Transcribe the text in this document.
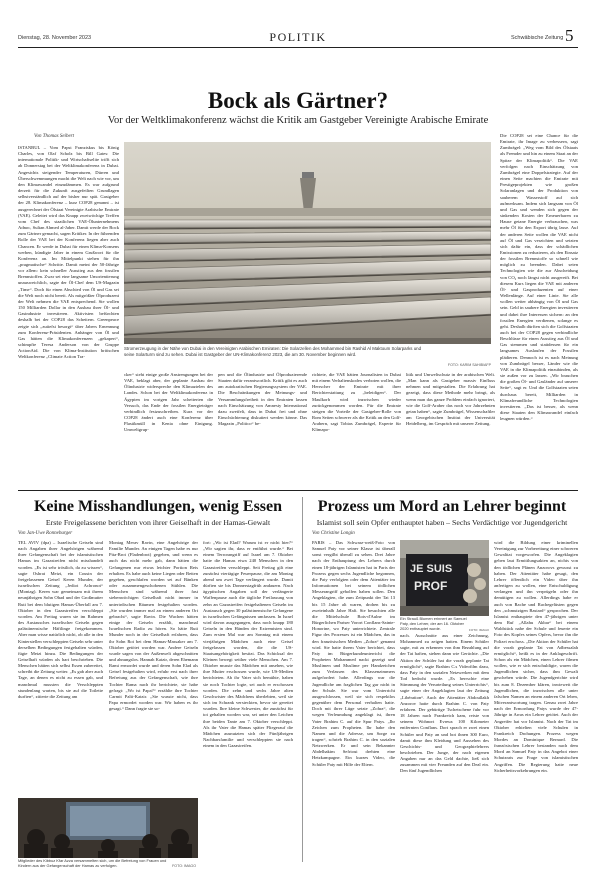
Dienstag, 28. November 2023	POLITIK	Schwäbische Zeitung 5
Bock als Gärtner?
Vor der Weltklimakonferenz wächst die Kritik am Gastgeber Vereinigte Arabische Emirate
Von Thomas Seibert

ISTANBUL – Vom Papst Franziskus bis König Charles, von Olaf Scholz bis Bill Gates: Die internationale Politik- und Wirtschaftselite trifft sich ab Donnerstag bei der Weltklimakonferenz in Dubai. Angesichts steigender Temperaturen, Dürren und Überschwemmungen macht die Welt nach wie vor, um den Klimawandel einzudämmen. Es war aufgrund derzeit für die Zukunft ausgefeilten Grundlagen selbstverständlich auf der bisher nur spät. Gastgeber der 28. Klimakonferenz – kurz COP28 genannt – ist ausgerechnet der Ölstaat Vereinigte Arabische Emirate (VAE). Geleitet wird das Knapp zweiwöchige Treffen vom Chef des staatlichen VAE-Ölunternehmens Adnoc, Sultan Ahmed al-Jaber. Damit werde der Bock zum Gärtner gemacht, sagen Kritiker. In der führenden Rolle der VAE bei der Konferenz liegen aber auch Chancen. Er werde in Dubai für einen Klima-Konsens werben, kündigte Jaber in einem Grußwort für die Konferenz an. Im Mittelpunkt stehen für ihn „pragmatische“ Schritte. Damit meint der 50-Jährige vor allem: kein schneller Ausstieg aus den fossilen Brennstoffen. Zwar sei eine langsame Umorientierung unausweichlich, sagte der Öl-Chef dem US-Magazin „Time“. Doch für einen Abschied von Öl und Gas sei die Welt noch nicht bereit. Als mitgrößter Ölproduzent der Welt nehmen die VAE entsprechend. Sie wollen 150 Milliarden Dollar in den Ausbau ihrer Öl- und Gasindustrie investieren. Aktivisten befürchten deshalb bei der COP28 das Scheitern. Greenpeace zeigte sich „zutiefst besorgt“ über Jabers Ernennung zum Konferenz-Präsidenten. Anhänger von Öl und Gas hätten die Klimakonferenzen „gekapert“, schimpfte Teresa Anderson von der Gruppe ActionAid. Die von Klima-Institution britischen Weltkonferenz „Climate Action Tra-

Stromerzeugung in der Nähe von Dubai in den Vereinigten Arabischen Emiraten: Die Solarzellen des Mohammed bin Rashid Al Maktoum Solarparks und seine Solarturm sind zu sehen. Dubai ist Gastgeber der UN-Klimakonferenz 2023, die am 30. November beginnen wird.
FOTO: KARIM SAHIB/AFP

cker“ sieht einige große Anstrengungen bei der VAE, beklagt aber, der geplante Ausbau der Ölindustrie widerspreche den Klimazielen des Landes. Schon bei der Weltklimakonferenz in Ägypten im vorigen Jahr scheiterten die Versuch, das Ende der fossilen Energieträger verbindlich festzuschreiben. Kurz vor der COP28 ändert auch eine Konferenz über Plastikmüll in Kenia ohne Einigung. Umweltgrup-

pen und die Ölindustrie und Ölproduzierende Staaten dafür verantwortlich. Kritik gibt es auch am autokratischen Regierungssystem der VAE. Die Beschränkungen der Meinungs- und Versammlungsfreiheit in den Emiraten lassen nach Einschätzung von Amnesty International dazu zweifelt, dass in Dubai frei und ohne Einschüchterung diskutiert werden könne. Das Magazin „Politico“ be-

richtete, die VAE hätten Journalisten in Dubai mit einem Verhaltenskodex verboten wollen, die Herrscher der Emirate mit ihrer Berichterstattung zu „beleidigen“. Der Maulkorb wird inzwischen wieder zurückgenommen worden. Für die Emirate steigen die Vorteile der Gastgeber-Rolle von Rom Seiten schwerer als die Kritik an den Golf-Arabern, sagt Tobias Zumbrägel, Experte für Klimapo-

litik und Umweltschutz in der arabischen Welt. „Man kann als Gastgeber massiv Einfluss nehmen und mitgestalten. Die Erfahrung hat gezeigt, dass diese Methode mehr bringt, als wenn man das ganze Problem einfach ignoriert, wie die Golf-Araber das noch vor Jahrzehnten getan haben“, sagte Zumbrägel, Wissenschaftler am Georgebischen Institut der Universität Heidelberg, im Gespräch mit unserer Zeitung.

Die COP28 sei eine Chance für die Emirate, ihr Image zu verbessern, sagt Zumbrägel: „Weg vom Bild des Ölstaats als Fremder und hin zu einem Staat an der Spitze der Klimapolitik“. Die VAE verfolgen nach Einschätzung von Zumbrägel eine Doppelstrategie. Auf der einen Seite machten die Emirate mit Prestigeprojekten wie großen Solaranlagen und der Produktion von sauberem Wasserstoff auf sich aufmerksam. Indem sich langsam von Öl und Gas und wenden sich gegen der sinkenden Kosten der Erneuerbaren zu Hause getane Energie verbrauchen, was mehr Öl für den Export übrig lasse. Auf der anderen Seite wollen die VAE nicht auf Öl und Gas verzichten und setzten sich dafür ein, dass der schädlichen Emissionen zu reduzieren, als den Einsatz der fossilen Brennstoffe so schnell wie möglich zu beenden. Dabei seien Technologien wie die zur Abscheidung von CO₂ noch längst nicht ausgereift. Bei diesem Kurs liegen die VAE mit anderen Öl- und Gasproduzenten auf einer Wellenlänge. Auf einer Linie. Sie alle wollen weiter abhängig von Öl und Gas sein. Geld in saubere Energien investieren und dabei ihre Interessen sichern: an den fossilen Energien verdienen, solange es geht. Deshalb dürften sich die Golfstaaten auch bei der COP28 gegen verbindliche Beschlüsse für einen Ausstieg aus Öl und Gas stemmen und stattdessen für ein langsames Auslaufen der Fossilen plädieren. Dennoch ist es nach Meinung von Zumbrägel besser, Länder wie die VAE in die Klimapolitik einzubinden, als sie außen vor zu lassen. „Wir brauchen die großen Öl- und Gasländer auf unserer Seite“, sagt er. Und die Golfstaaten seien durchaus bereit, Milliarden in Klimafreundliche Technologien investieren. „Das ist besser, als wenn diese Staaten den Klimawandel einfach leugnen würden.“

Keine Misshandlungen, wenig Essen
Erste Freigelassene berichten von ihrer Geiselhaft in der Hamas-Gewalt
Von Jan-Uwe Ronneburger

TEL AVIV (dpa) – Israelische Geiseln sind nach Angaben ihrer Angehörigen während ihrer Gefangenschaft bei der islamistischen Hamas im Gazastreifen nicht misshandelt worden. „Es ist sehr tröstlich, da zu wissen“, sagte Oshrat Meizi, ein Cousin der freigelassenen Geisel Keren Munder, der israelischen Zeitung „Jediot Achronot“ (Montag). Keren war gemeinsam mit ihrem neunjährigen Sohn Ohad und der Großmutter Ruti bei dem blutigen Hamas-Überfall am 7. Oktober in den Gazastreifen verschleppt worden. Am Freitag waren sie im Rahmen des Austausches israelischer Geiseln gegen palästinensische Häftlinge freigekommen. Aber man wisse natürlich nicht, ob alle in den Kinterstellen verschleppten Geiseln sehr unter derselben Bedingungen festgehalten würden, fügte Meizi hinzu. Die Bedingungen der Geiselhaft würden als hart beschrieben. Die Menschen hätten sich selbst Essen zubereitet, schreibt die Zeitung weiter. „Es gab aber auch Tage, an denen es nicht zu essen gab, und manchmal mussten die Verschleppten stundenlang warten, bis sie auf die Toilette durften“, zitierte die Zeitung am

Montag Merav Ravin, eine Angehörige der Familie Munder. An einigen Tagen habe es nur Pita-Brot (Fladenbrot) gegeben, und wenn es auch das nicht mehr gab, dann hätten die Gefangenen nur etwas leichter Portion Reis erhalten. Es habe auch keine Liegen oder Betten gegeben, geschlafen worden sei auf Bänken oder zusammengeschobenen Stühlen. Die Menschen sind während ihrer fast siebenwöchigen Geiselhaft nicht immer in unterirdischen Räumen festgehalten worden. „Sie wurden immer mal an einem anderen Ort gebracht“, sagte Ravin. Die Wachen hätten einige der Geiseln erzählt, manchmal Israelischen Radio zu hören. So hätte Ruti Munder noch in der Geiselhaft erfahren, dass ihr Sohn Roi bei dem Hamas-Massaker am 7. Oktober getötet worden war. Andere Geiseln wurde sagen von der Außenwelt abgeschnitten und ahnungslos. Hannah Katzir, deren Ehemann Rami ermordet wurde und deren Sohn Elad als Geisel festgehalten wird, erfuhr erst nach ihrer Befreiung aus der Gefangenschaft, wie ihre Tochter Rama nach ihr berichtete, sie habe gefragt: „Wo ist Papa?“ erzählte ihre Tochter Carmit Palti-Katzir. „Sie wusste nicht, dass Papa ermordet worden war. Wir haben es ihr gesagt.“ Dann fragte sie so-

fort: „Wo ist Elad? Warum ist er nicht hier?“ „Wir sagten ihr, dass er entführt wurde.“ Bei einem Terrorangriff auf Israel am 7. Oktober hatte die Hamas etwa 240 Menschen in den Gazastreifen verschleppt. Seit Freitag gilt eine zunächst viertägige Feuerpause, die am Montag abend um zwei Tage verlängert wurde. Damit dürften sie bis Donnerstagfrüh andauern. Nach ägyptischen Angaben soll der verlängerte Waffenpause auch die tägliche Freilassung von zehn an Gazastreifen festgehaltenen Geiseln im Austausch gegen 30 palästinensische Gefangene in israelischen Gefängnissen umfassen. In Israel wird davon ausgegangen, dass noch knapp 180 Geiseln in den Händen der Extremisten sind. Zum ersten Mal war am Sonntag mit einem vierjährigen Mädchen auch eine Geisel freigelassen worden, die die US-Staatsangehörigkeit besitzt. Das Schicksal der Kleinen bewegt seither viele Menschen. Am 7. Oktober musste das Mädchen mit ansehen, wie ihre Mutter erschossen wurde, wie US-Medien berichteten. Ab ihr Vater sich bemühte, haben sie noch Tochter logte, sei auch er erschossen worden. Die zehn und sechs Jahre alten Geschwister des Mädchens überlebten, weil sie sich im Schrank versteckten, bevor sie gerettet wurden. Ihre kleine Schwester, die zunächst für tot gehalten worden war, sei unter den Leichen ihre beiden Tante am 7. Oktober verschleppt. Als ihr Vater die Hamas später Fliegerauf die Mädchen ausnutzten sich der Fünfjährigen Nachbarsfamilie und verschleppten sie nach einem in den Gazastreifen.

Mitglieder des Kibbuz Kfar Azza versammelten sich, um die Befreiung von Frauen und Kindern aus der Gefangenschaft der Hamas zu verfolgen.	FOTO: IMAGO
Prozess um Mord an Lehrer beginnt
Islamist soll sein Opfer enthauptet haben – Sechs Verdächtige vor Jugendgericht
Von Christine Longin

PARIS – Das Schwarz-weiß-Foto von Samuel Paty vor seiner Klasse ist überall sonst vergilbt überall zu sehen. Drei Jahre nach der Enthauptung des Lehrers durch einen 18-jährigen Islamisten hat in Paris der Prozess gegen sechs Jugendliche begonnen, die Paty verfolgten oder dem Attentäter im Informationen bei seinem tödlichen Messerangriff geholfen haben sollen. Den Angeklagten, die zum Zeitpunkt der Tat 13 bis 15 Jahre alt waren, drohen bis zu zweieinhalb Jahre Haft. Sie besuchten alle die Mittelschule Bois-d'Aulne im Bürgerlichen Pariser Vorort Conflans-Sainte-Honorine, wo Paty unterrichtete. Zentrale Figur des Prozesses ist ein Mädchen, das in den französischen Medien „Zohra“ genannt wird. Sie hatte ihrem Vater berichtet, dass Paty im Bürgerkundeunterricht die Propheten Mohammed nackt gezeigt und Muslimen und Muslime per Handzeichen zum Verlassen des Klassenzimmers aufgefordert habe. Allerdings war die Jugendliche am fraglichen Tag gar nicht in der Schule. Sie war vom Unterricht ausgeschlossen, weil sie sich respektlos gegenüber dem Personal verhalten hatte. Doch mit ihrer Lüge setzte „Zohra“, die wegen Verleumdung angeklagt ist, ihren Vater Brahim C. auf die Spur Patys. „Ihr Zeichen zum Propheten. Ihr habe den Namen und die Adresse, um Sorge zu tragen“, schrieb Brahim C. in den sozialen Netzwerken. Er und sein Bekannter Abdelhakim Sefrioui drehten eine Hetzkampagne. Ein kurzes Video, die Schüler Paty mit Hilfe der Eltern.

JE SUIS
PROF
Ein Strauß Blumen erinnert an Samuel Paty, den Lehrer, der am 16. Oktober 2020 enthauptet wurde.	FOTO: IMAGO

nach. Ausschnitte aus einer Zeichnung, Mohammed zu zeigen hatten. Einem Schüler sagte, mit zu erkennen von ihm Bezahlung auf der Tat haften, stehen dann wie Gerüchte. „Die Aktion der Schüler hat die vorab geplante Tat ermöglicht“, sagte Brahim C.s Videofilm dazu, dass Paty in den sozialen Netzwerken mit dem Tod bedroht wurde. „Es herrschte eine Stimmung der Verurteilung seines Unterrichts“, sagte einer der Angeklagten laut der Zeitung „Libération“. Auch der Attentäter Abdoullakh Anzorov hatte durch Brahim C. von Paty erfahren. Der gebürtige Tschetschene fuhr vor 18 Jahren nach Frankreich kam, reiste von seinem Wohnort Evreux 100 Kilometer entfernten Conflans. Dort sprach er zwei einen Schüler und Paty an und bot ihnen 300 Euro, damit diese ihm Kleidung und Aussehen des Geschichts- und Geographielehrers beschrieben. Der Junge, der nach eigenen Angaben nur an das Geld dachte, ließ sich zusammen mit vier Freunden auf den Deal ein. Den fünf Jugendlichen

wird die Bildung einer kriminellen Vereinigung zur Vorbereitung einer schweren Gewalttat vorgeworfen. Die Angeklagten geben laut Ermittlungsakten an, nichts von den tödlichen Plänen Anzorovs gewusst zu haben. Der Attentäter habe gesagt, den Lehrer öffentlich ein Video über ihn anfertigen zu wollen, eine Entschuldigung verlangen und ihn verprügeln oder ihn demütigen zu wollen. Allerdings habe er auch von Rache und Rachegelüsten gegen den „schmutzigen Bastard“ gesprochen. Der Islamist enthauptete den 47-jährigen unter dem Ruf „Allahu Akbar“ bei einem Waldstück nahe der Schule und feuerte ein Foto des Kopfes seines Opfers, bevor ihn die Polizei erschoss. „Die Aktion der Schüler hat die vorab geplante Tat von Adbessalah ermöglicht“, heißt es in der Anklageschrift. Schon als ein Mädchen, einen Lehrer filmen wollen, wie er sich entschuldigte, waren die Jugendlichen sicher, dass ihm Gewalt geschehen würde. Die Jugendgerichte wird bis zum 8. Dezember klären, inwieweit die Jugendlichen, die inzwischen alle unter falschen Namen an einem anderen Ort leben, Mitverantwortung tragen. Genau zwei Jahre nach der Ermordung Patys wurde der 47-Jährige in Arras ein Lehrer getötet. Auch der Angreifer hat vor Islamist. Nach der Tat im Oktober erhielten viele Schulen in Frankreich Drohungen. Prozess wegen Mordes an Dominique Bernard. Die französischen Lehrer bestanden nach dem Mord an Samuel Paty in das Angebot einer Schutzrats zur Frage von islamistischen Angriffen. Die Regierung hatte neue Sicherheitsvorkehrungen ein.
